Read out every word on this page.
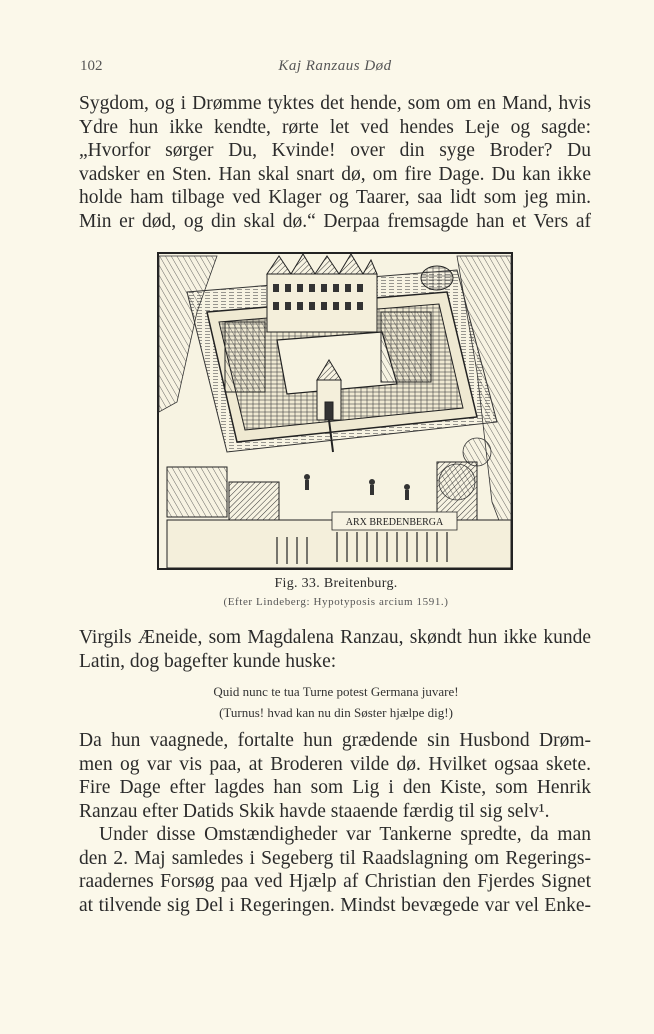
102	Kaj Ranzaus Død
Sygdom, og i Drømme tyktes det hende, som om en Mand, hvis
Ydre hun ikke kendte, rørte let ved hendes Leje og sagde:
„Hvorfor sørger Du, Kvinde! over din syge Broder? Du
vadsker en Sten. Han skal snart dø, om fire Dage. Du kan ikke
holde ham tilbage ved Klager og Taarer, saa lidt som jeg min.
Min er død, og din skal dø.“ Derpaa fremsagde han et Vers af
ARX BREDENBERGA
Fig. 33. Breitenburg.
(Efter Lindeberg: Hypotyposis arcium 1591.)
Virgils Æneide, som Magdalena Ranzau, skøndt hun ikke kunde
Latin, dog bagefter kunde huske:
Quid nunc te tua Turne potest Germana juvare!
(Turnus! hvad kan nu din Søster hjælpe dig!)
Da hun vaagnede, fortalte hun grædende sin Husbond Drøm-
men og var vis paa, at Broderen vilde dø. Hvilket ogsaa skete.
Fire Dage efter lagdes han som Lig i den Kiste, som Henrik
Ranzau efter Datids Skik havde staaende færdig til sig selv¹.
Under disse Omstændigheder var Tankerne spredte, da man
den 2. Maj samledes i Segeberg til Raadslagning om Regerings-
raadernes Forsøg paa ved Hjælp af Christian den Fjerdes Signet
at tilvende sig Del i Regeringen. Mindst bevægede var vel Enke-
